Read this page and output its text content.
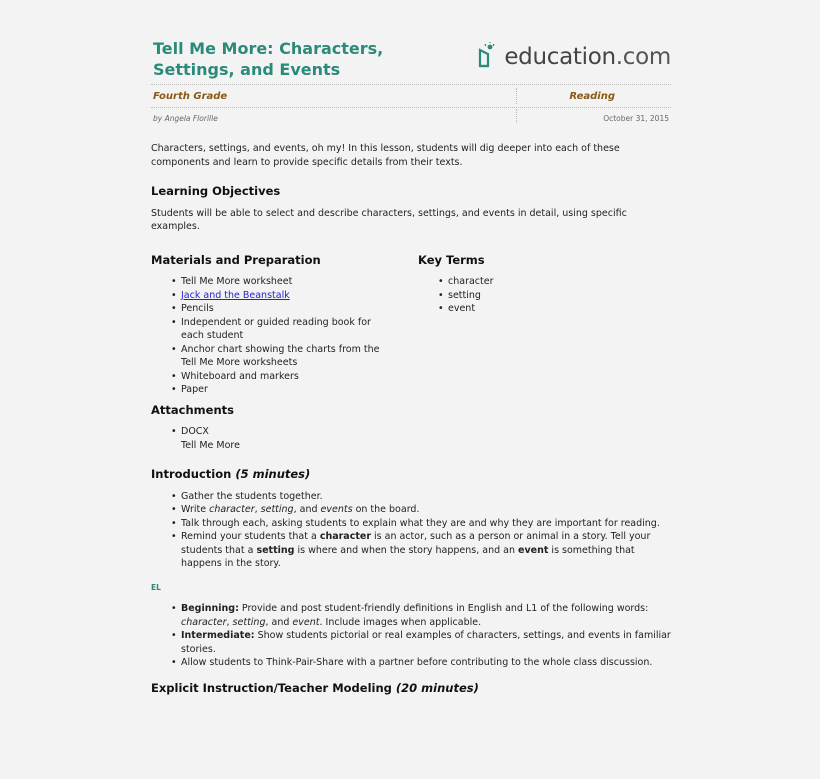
Tell Me More: Characters, Settings, and Events	education.com
Fourth Grade	Reading
by Angela Florille	October 31, 2015

Characters, settings, and events, oh my! In this lesson, students will dig deeper into each of these components and learn to provide specific details from their texts.

Learning Objectives

Students will be able to select and describe characters, settings, and events in detail, using specific examples.

Materials and Preparation
• Tell Me More worksheet
• Jack and the Beanstalk
• Pencils
• Independent or guided reading book for each student
• Anchor chart showing the charts from the Tell Me More worksheets
• Whiteboard and markers
• Paper
Key Terms
• character
• setting
• event
Attachments
• DOCX
Tell Me More
Introduction (5 minutes)
• Gather the students together.
• Write character, setting, and events on the board.
• Talk through each, asking students to explain what they are and why they are important for reading.
• Remind your students that a character is an actor, such as a person or animal in a story. Tell your students that a setting is where and when the story happens, and an event is something that happens in the story.
EL
• Beginning: Provide and post student-friendly definitions in English and L1 of the following words: character, setting, and event. Include images when applicable.
• Intermediate: Show students pictorial or real examples of characters, settings, and events in familiar stories.
• Allow students to Think-Pair-Share with a partner before contributing to the whole class discussion.
Explicit Instruction/Teacher Modeling (20 minutes)
